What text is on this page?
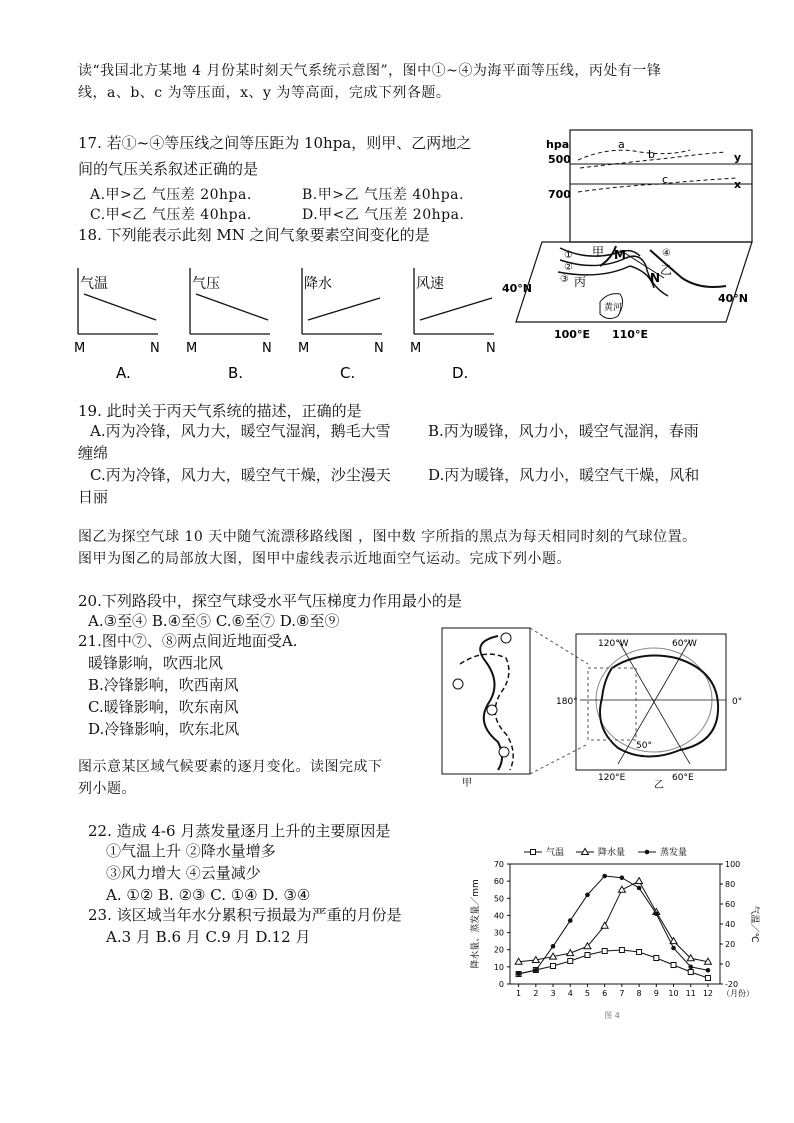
读“我国北方某地 4 月份某时刻天气系统示意图”，图中①~④为海平面等压线，丙处有一锋
线，a、b、c 为等压面，x、y 为等高面，完成下列各题。
17. 若①~④等压线之间等压距为 10hpa，则甲、乙两地之
间的气压关系叙述正确的是
A.甲>乙 气压差 20hpa.	B.甲>乙 气压差 40hpa.
C.甲<乙 气压差 40hpa.	D.甲<乙 气压差 20hpa.
18. 下列能表示此刻 MN 之间气象要素空间变化的是
气温
M	N
A.
气压
M	N
B.
降水
M	N
C.
风速
M	N
D.
hpa
500
700
a
b
c
y
x
甲 M
乙
N
丙
①
②
③
④
黄河
40°N
40°N
100°E 110°E
19. 此时关于丙天气系统的描述，正确的是
A.丙为冷锋，风力大，暖空气湿润，鹅毛大雪 B.丙为暖锋，风力小，暖空气湿润，春雨
缠绵
C.丙为冷锋，风力大，暖空气干燥，沙尘漫天 D.丙为暖锋，风力小，暖空气干燥，风和
日丽
图乙为探空气球 10 天中随气流漂移路线图 ，图中数 字所指的黑点为每天相同时刻的气球位置。
图甲为图乙的局部放大图，图甲中虚线表示近地面空气运动。完成下列小题。
20.下列路段中，探空气球受水平气压梯度力作用最小的是
A.③至④ B.④至⑤ C.⑥至⑦ D.⑧至⑨
21.图中⑦、⑧两点间近地面受A.
暖锋影响，吹西北风
B.冷锋影响，吹西南风
C.暖锋影响，吹东南风
D.冷锋影响，吹东北风
甲
120°W	60°W
120°E	60°E
180°	0°
50°
乙
图示意某区域气候要素的逐月变化。读图完成下
列小题。
22. 造成 4-6 月蒸发量逐月上升的主要原因是
①气温上升 ②降水量增多
③风力增大 ④云量减少
A. ①② B. ②③ C. ①④ D. ③④
23. 该区域当年水分累积亏损最为严重的月份是
A.3 月 B.6 月 C.9 月 D.12 月
0
10
20
30
40
50
60
70
-20
0
20
40
60
80
100
1 2 3 4 5 6 7 8 9 10 11 12 （月份）
降水量、蒸发量／mm	气温／℃
气温	降水量	蒸发量
图 4
